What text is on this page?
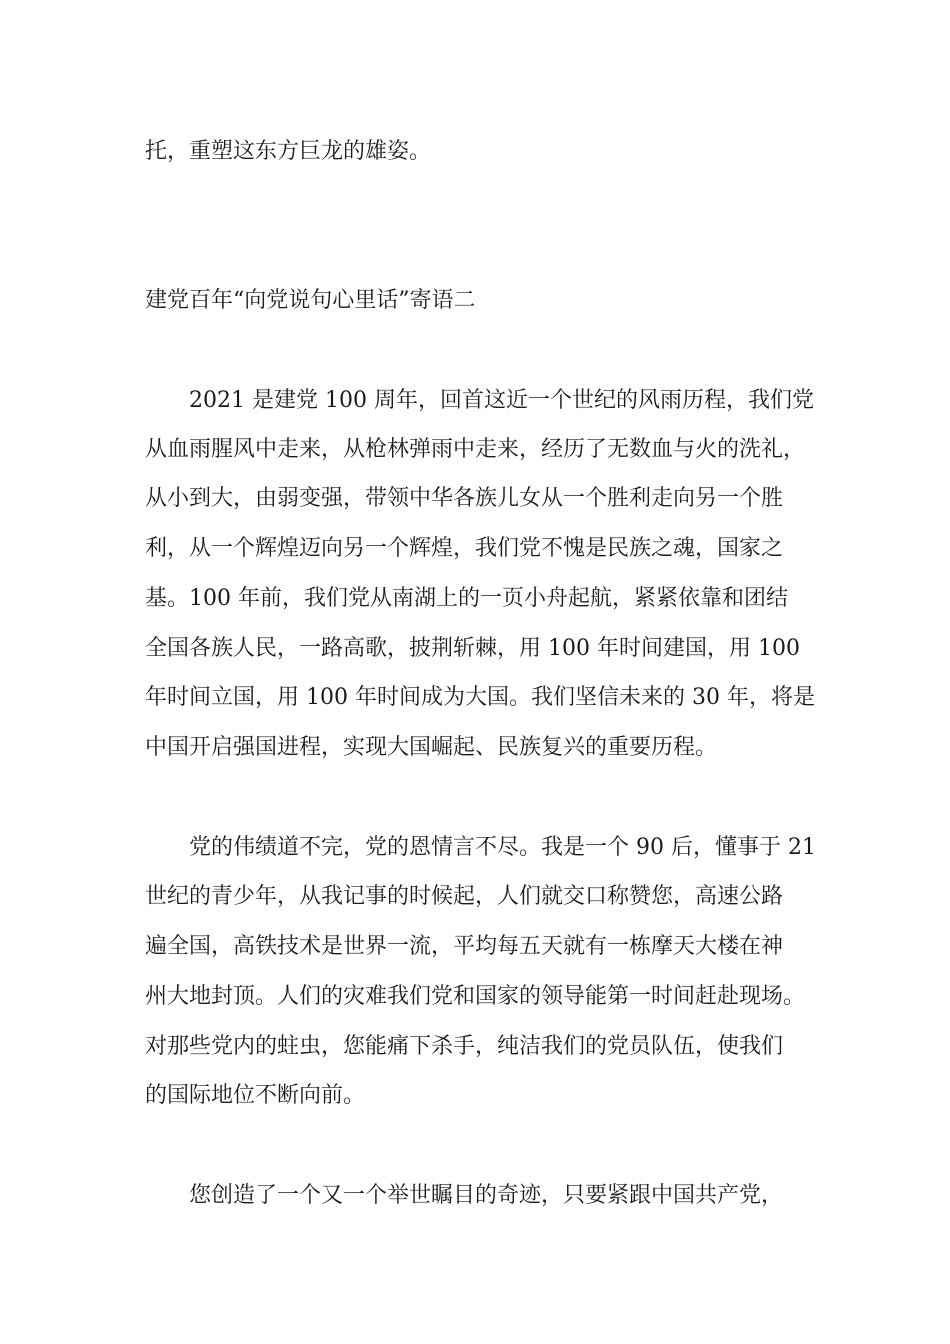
托，重塑这东方巨龙的雄姿。
建党百年“向党说句心里话”寄语二
2021 是建党 100 周年，回首这近一个世纪的风雨历程，我们党
从血雨腥风中走来，从枪林弹雨中走来，经历了无数血与火的洗礼，
从小到大，由弱变强，带领中华各族儿女从一个胜利走向另一个胜
利，从一个辉煌迈向另一个辉煌，我们党不愧是民族之魂，国家之
基。100 年前，我们党从南湖上的一页小舟起航，紧紧依靠和团结
全国各族人民，一路高歌，披荆斩棘，用 100 年时间建国，用 100
年时间立国，用 100 年时间成为大国。我们坚信未来的 30 年，将是
中国开启强国进程，实现大国崛起、民族复兴的重要历程。
党的伟绩道不完，党的恩情言不尽。我是一个 90 后，懂事于 21
世纪的青少年，从我记事的时候起，人们就交口称赞您，高速公路
遍全国，高铁技术是世界一流，平均每五天就有一栋摩天大楼在神
州大地封顶。人们的灾难我们党和国家的领导能第一时间赶赴现场。
对那些党内的蛀虫，您能痛下杀手，纯洁我们的党员队伍，使我们
的国际地位不断向前。
您创造了一个又一个举世瞩目的奇迹，只要紧跟中国共产党，
